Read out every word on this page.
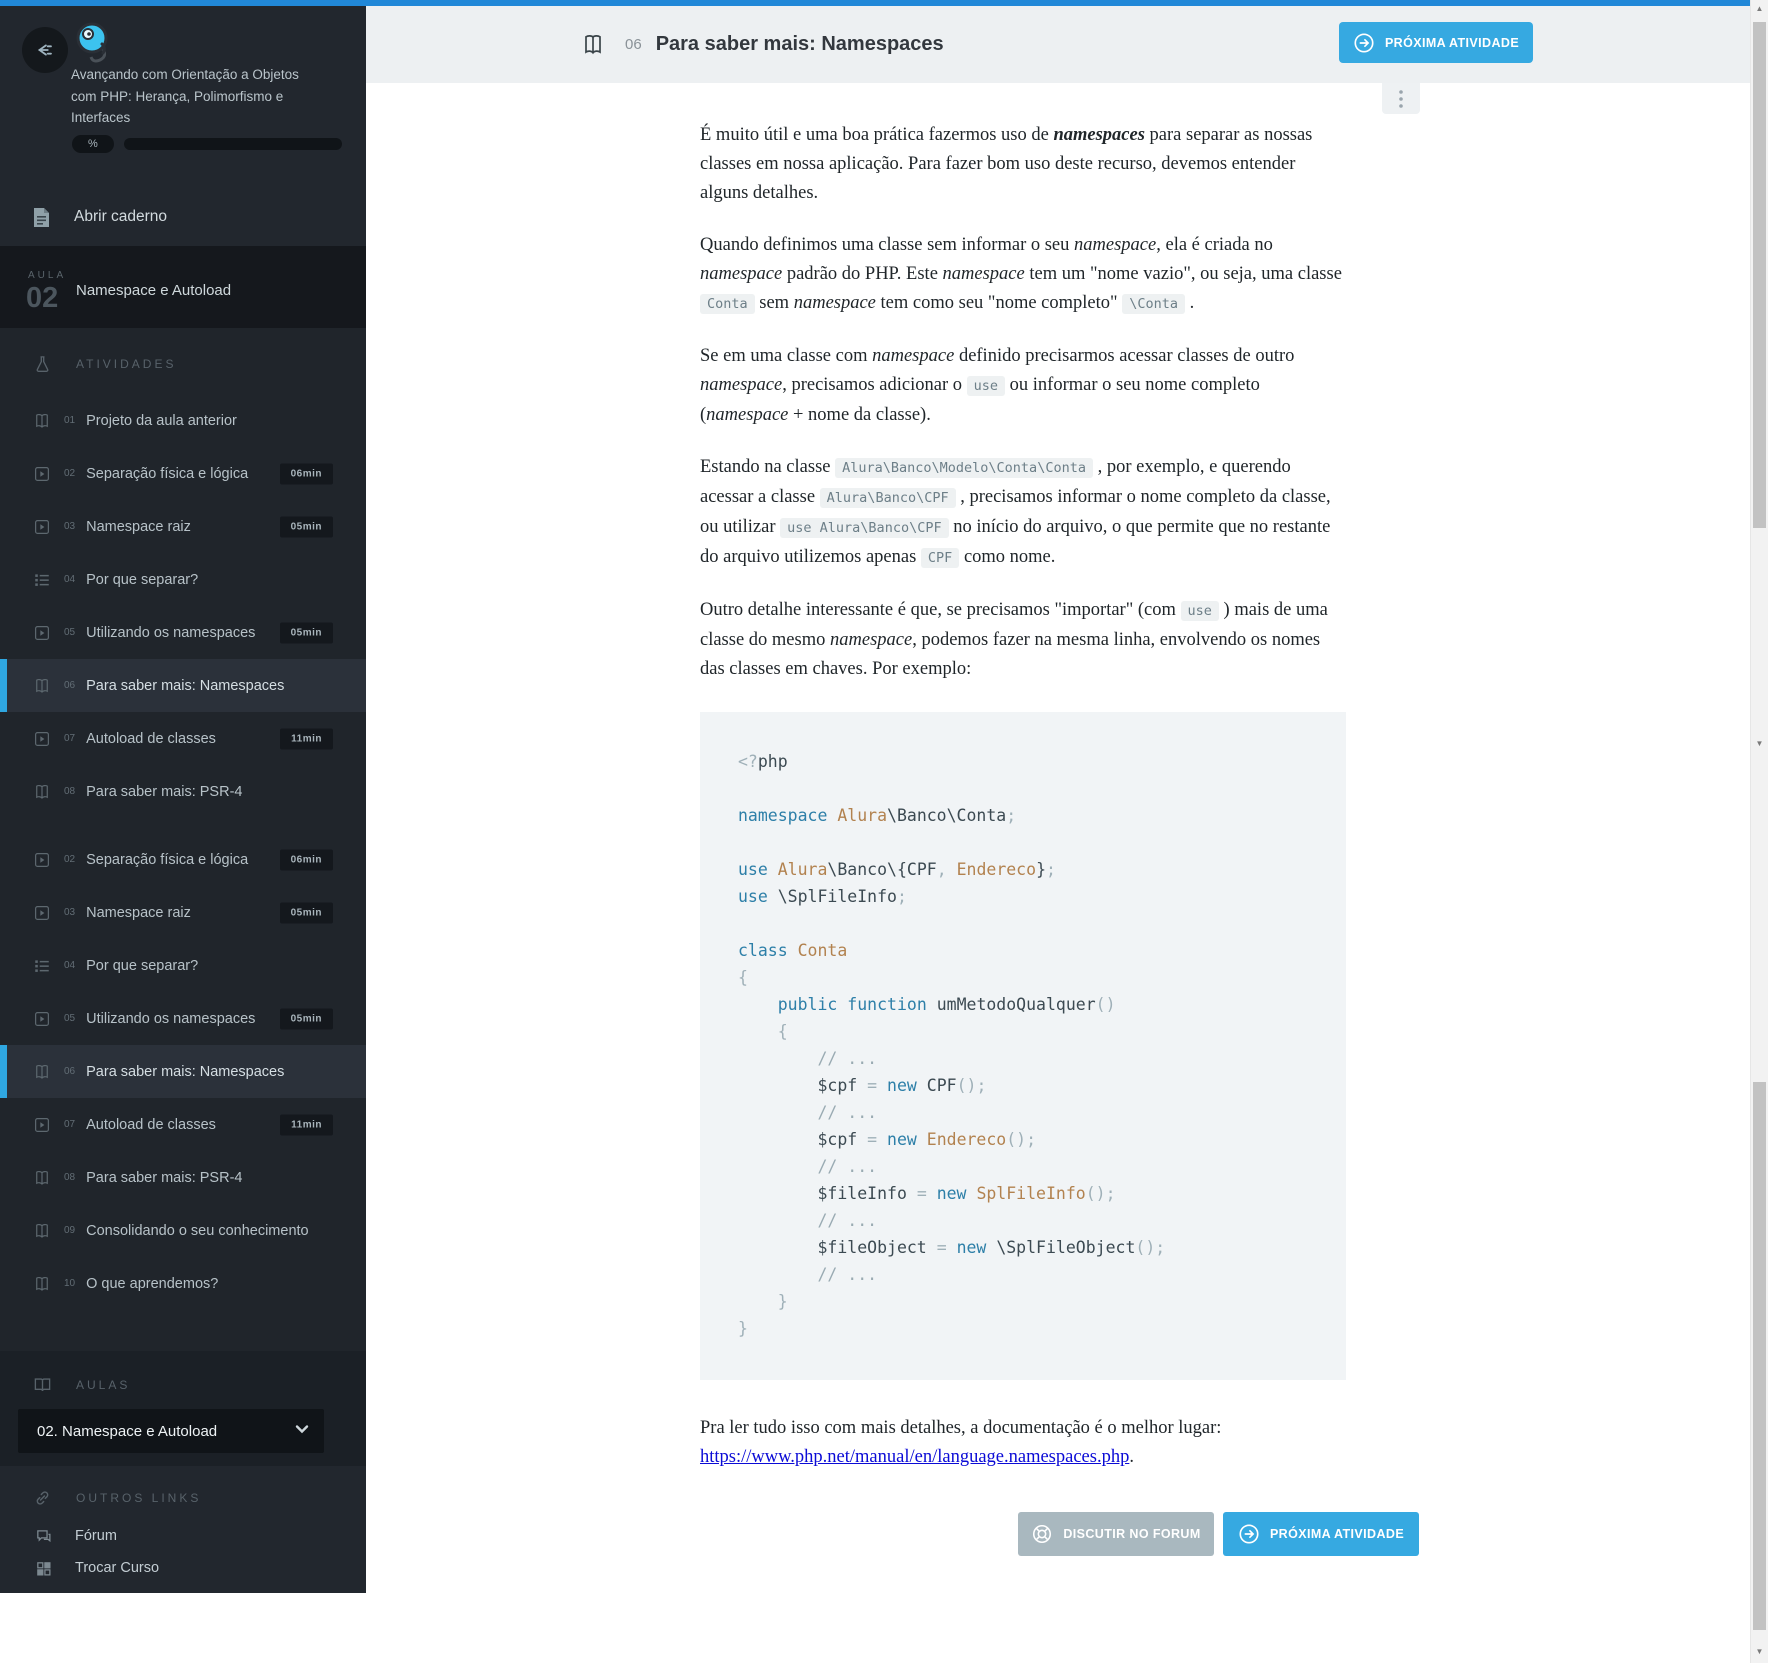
Avançando com Orientação a Objetos com PHP: Herança, Polimorfismo e Interfaces
%
Abrir caderno
AULA
02 Namespace e Autoload
ATIVIDADES
01 Projeto da aula anterior
02 Separação física e lógica	06min
03 Namespace raiz	05min
04 Por que separar?
05 Utilizando os namespaces	05min
06 Para saber mais: Namespaces
07 Autoload de classes	11min
08 Para saber mais: PSR-4
02 Separação física e lógica	06min
03 Namespace raiz	05min
04 Por que separar?
05 Utilizando os namespaces	05min
06 Para saber mais: Namespaces
07 Autoload de classes	11min
08 Para saber mais: PSR-4
09 Consolidando o seu conhecimento
10 O que aprendemos?
AULAS
02. Namespace e Autoload
OUTROS LINKS
Fórum
Trocar Curso
06 Para saber mais: Namespaces	PRÓXIMA ATIVIDADE

É muito útil e uma boa prática fazermos uso de namespaces para separar as nossas classes em nossa aplicação. Para fazer bom uso deste recurso, devemos entender alguns detalhes.

Quando definimos uma classe sem informar o seu namespace, ela é criada no namespace padrão do PHP. Este namespace tem um "nome vazio", ou seja, uma classe Conta sem namespace tem como seu "nome completo" \Conta .

Se em uma classe com namespace definido precisarmos acessar classes de outro namespace, precisamos adicionar o use ou informar o seu nome completo (namespace + nome da classe).

Estando na classe Alura\Banco\Modelo\Conta\Conta , por exemplo, e querendo acessar a classe Alura\Banco\CPF , precisamos informar o nome completo da classe, ou utilizar use Alura\Banco\CPF no início do arquivo, o que permite que no restante do arquivo utilizemos apenas CPF como nome.

Outro detalhe interessante é que, se precisamos "importar" (com use ) mais de uma classe do mesmo namespace, podemos fazer na mesma linha, envolvendo os nomes das classes em chaves. Por exemplo:

<?php

namespace Alura\Banco\Conta;

use Alura\Banco\{CPF, Endereco};
use \SplFileInfo;

class Conta
{
public function umMetodoQualquer()
{
// ...
$cpf = new CPF();
// ...
$cpf = new Endereco();
// ...
$fileInfo = new SplFileInfo();
// ...
$fileObject = new \SplFileObject();
// ...
}
}

Pra ler tudo isso com mais detalhes, a documentação é o melhor lugar: https://www.php.net/manual/en/language.namespaces.php.

DISCUTIR NO FORUM	PRÓXIMA ATIVIDADE
▲
▼
▼
